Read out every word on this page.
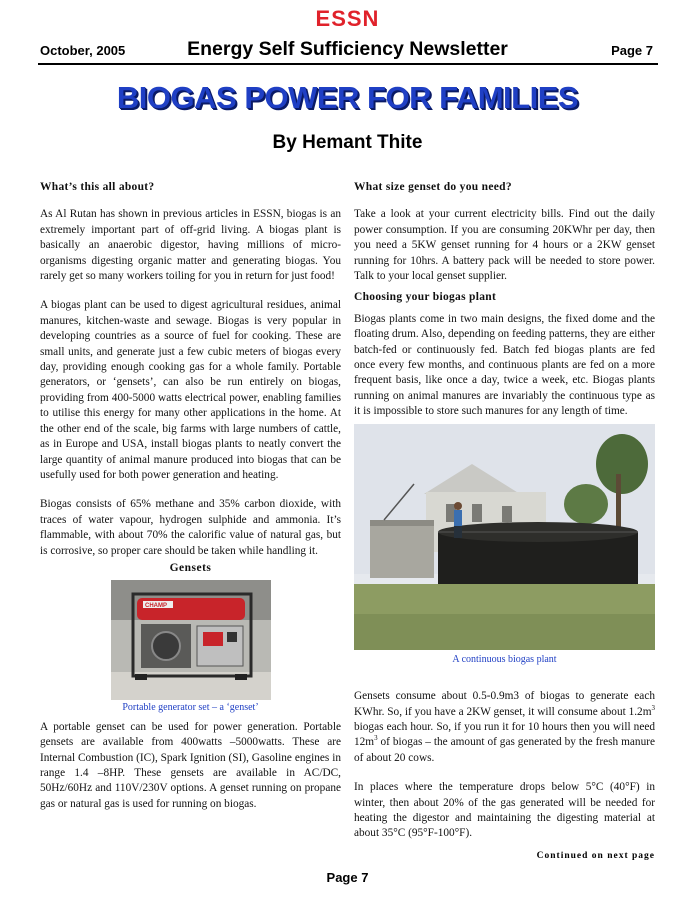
ESSN
October, 2005	Energy Self Sufficiency Newsletter	Page 7
BIOGAS POWER FOR FAMILIES
By Hemant Thite
What’s this all about?

As Al Rutan has shown in previous articles in ESSN, biogas is an extremely important part of off-grid living. A biogas plant is basically an anaerobic digestor, having millions of micro-organisms digesting organic matter and generating biogas. You rarely get so many workers toiling for you in return for just food!

A biogas plant can be used to digest agricultural residues, animal manures, kitchen-waste and sewage. Biogas is very popular in developing countries as a source of fuel for cooking. These are small units, and generate just a few cubic meters of biogas every day, providing enough cooking gas for a whole family. Portable generators, or ‘gensets’, can also be run entirely on biogas, providing from 400-5000 watts electrical power, enabling families to utilise this energy for many other applications in the home. At the other end of the scale, big farms with large numbers of cattle, as in Europe and USA, install biogas plants to neatly convert the large quantity of animal manure produced into biogas that can be usefully used for both power generation and heating.

Biogas consists of 65% methane and 35% carbon dioxide, with traces of water vapour, hydrogen sulphide and ammonia. It’s flammable, with about 70% the calorific value of natural gas, but is corrosive, so proper care should be taken while handling it.

Gensets
CHAMP
Portable generator set – a ‘genset’

A portable genset can be used for power generation. Portable gensets are available from 400watts –5000watts. These are Internal Combustion (IC), Spark Ignition (SI), Gasoline engines in range 1.4 –8HP. These gensets are available in AC/DC, 50Hz/60Hz and 110V/230V options. A genset running on propane gas or natural gas is used for running on biogas.

What size genset do you need?

Take a look at your current electricity bills. Find out the daily power consumption. If you are consuming 20KWhr per day, then you need a 5KW genset running for 4 hours or a 2KW genset running for 10hrs. A battery pack will be needed to store power. Talk to your local genset supplier.

Choosing your biogas plant

Biogas plants come in two main designs, the fixed dome and the floating drum. Also, depending on feeding patterns, they are either batch-fed or continuously fed. Batch fed biogas plants are fed once every few months, and continuous plants are fed on a more frequent basis, like once a day, twice a week, etc. Biogas plants running on animal manures are invariably the continuous type as it is impossible to store such manures for any length of time.

A continuous biogas plant

Gensets consume about 0.5-0.9m3 of biogas to generate each KWhr. So, if you have a 2KW genset, it will consume about $1.2m^3$ biogas each hour. So, if you run it for 10 hours then you will need $12m^3$ of biogas – the amount of gas generated by the fresh manure of about 20 cows.

In places where the temperature drops below 5°C (40°F) in winter, then about 20% of the gas generated will be needed for heating the digestor and maintaining the digesting material at about 35°C (95°F-100°F).

Continued on next page
Page 7
